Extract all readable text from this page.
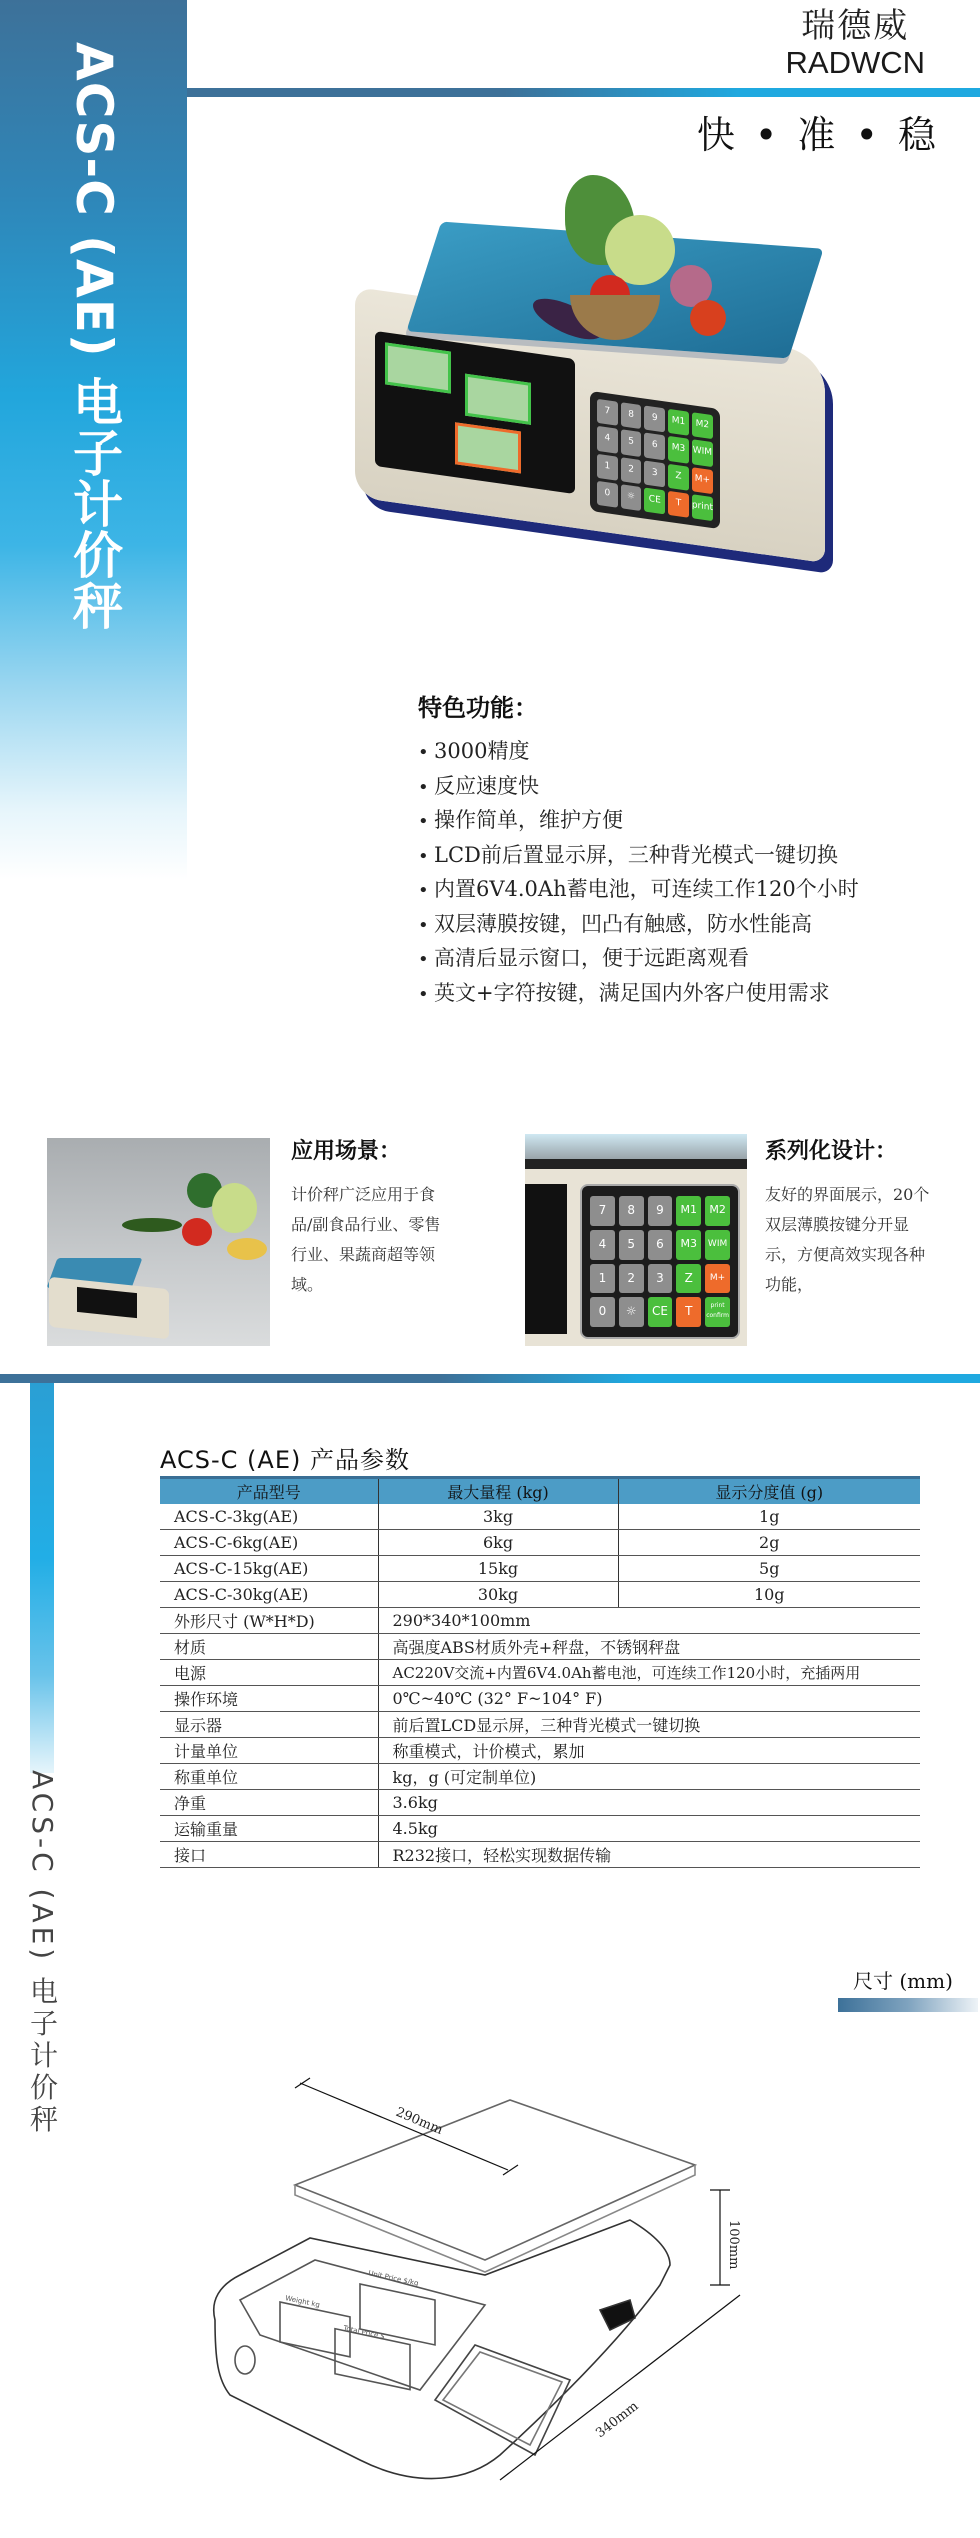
ACS-C (AE) 电子计价秤
瑞德威
RADWCN
快 • 准 • 稳
7	8	9	M1	M2
4	5	6	M3 WIM
1	2	3	Z	M+
0	☼	CE	T	print
特色功能：
• 3000精度
• 反应速度快
• 操作简单，维护方便
• LCD前后置显示屏，三种背光模式一键切换
• 内置6V4.0Ah蓄电池，可连续工作120个小时
• 双层薄膜按键，凹凸有触感，防水性能高
• 高清后显示窗口，便于远距离观看
• 英文+字符按键，满足国内外客户使用需求
应用场景：
计价秤广泛应用于食品/副食品行业、零售行业、果蔬商超等领域。
7	8	9	M1	M2
4	5	6	M3	WIM
1	2	3	Z	M+
0	☼	CE	T	print confirm
系列化设计：
友好的界面展示，20个双层薄膜按键分开显示，方便高效实现各种功能，
ACS-C (AE) 电子计价秤
ACS-C (AE) 产品参数
产品型号	最大量程 (kg)	显示分度值 (g)
ACS-C-3kg(AE)	3kg	1g
ACS-C-6kg(AE)	6kg	2g
ACS-C-15kg(AE)	15kg	5g
ACS-C-30kg(AE)	30kg	10g
外形尺寸 (W*H*D)	290*340*100mm	
材质	高强度ABS材质外壳+秤盘，不锈钢秤盘	
电源	AC220V交流+内置6V4.0Ah蓄电池，可连续工作120小时，充插两用	
操作环境	0℃~40℃ (32° F~104° F)	
显示器	前后置LCD显示屏，三种背光模式一键切换	
计量单位	称重模式，计价模式，累加	
称重单位	kg，g (可定制单位)	
净重	3.6kg	
运输重量	4.5kg	
接口	R232接口，轻松实现数据传输	
尺寸 (mm)
290mm
100mm
340mm
Weight kg
Unit Price $/kg
Total Price $
